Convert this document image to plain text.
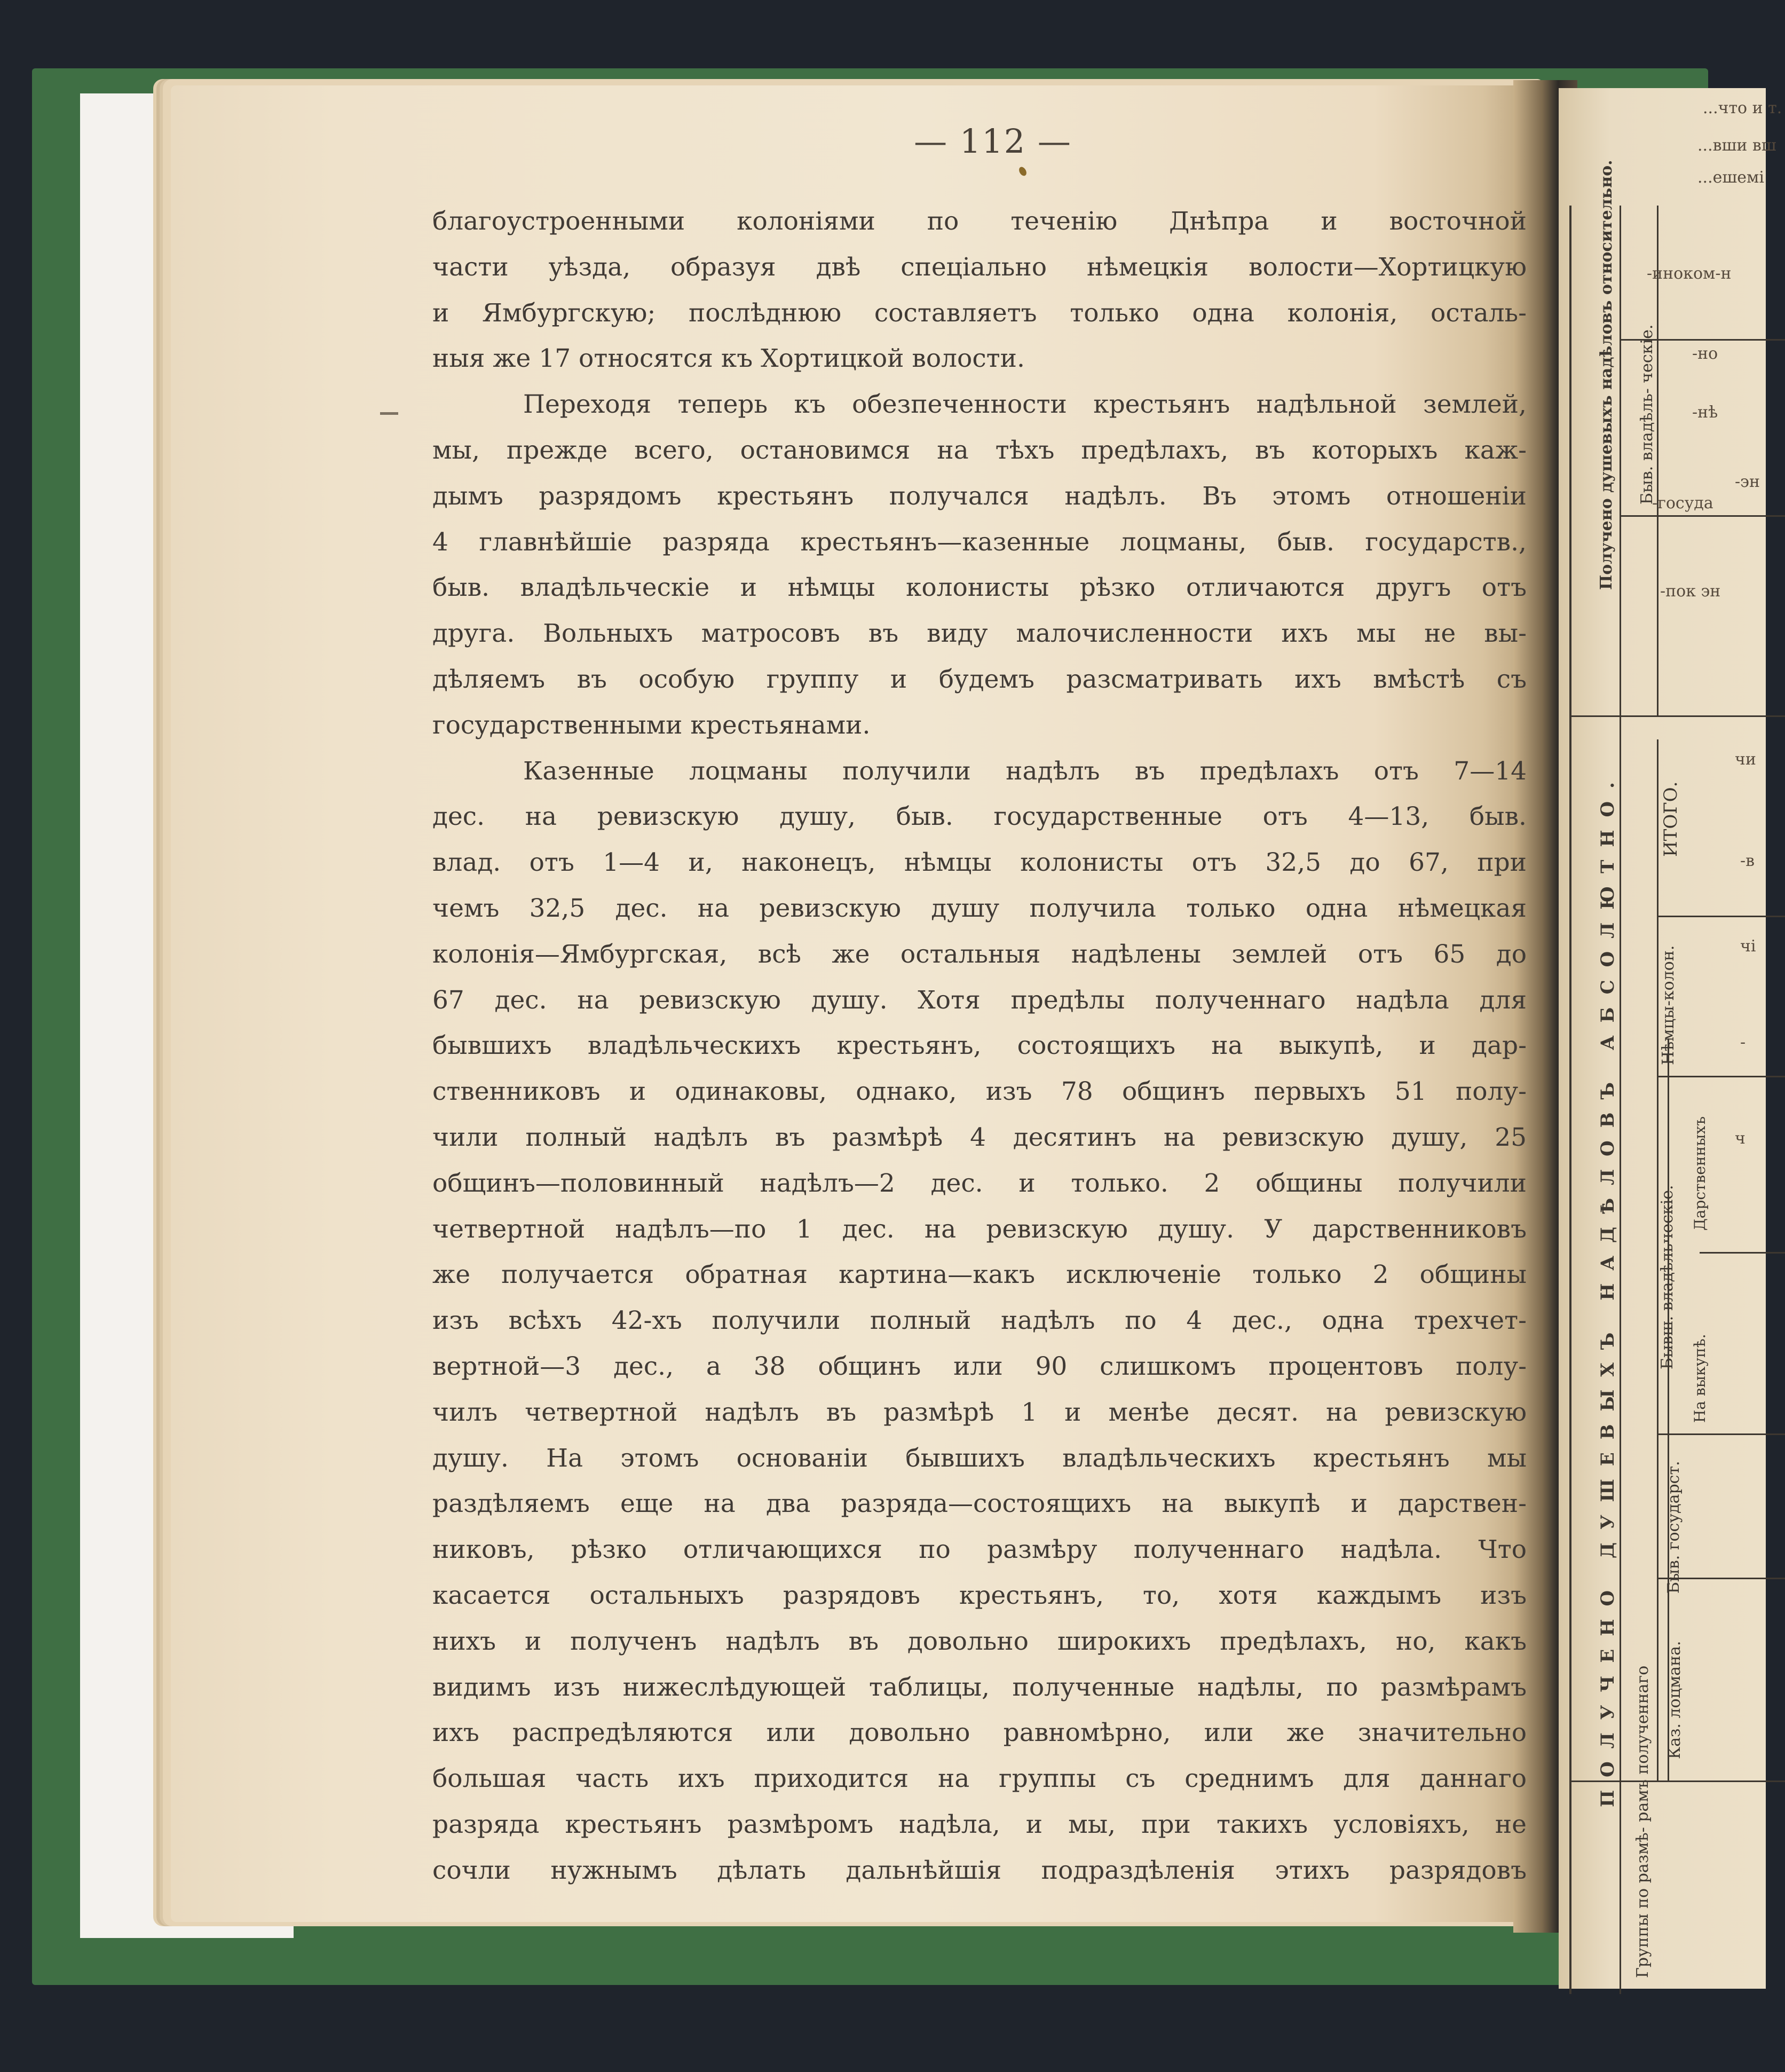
— 112 —
благоустроенными колоніями по теченію Днѣпра и восточной
части уѣзда, образуя двѣ спеціально нѣмецкія волости—Хортицкую
и Ямбургскую; послѣднюю составляетъ только одна колонія, осталь-
ныя же 17 относятся къ Хортицкой волости.
Переходя теперь къ обезпеченности крестьянъ надѣльной землей,
мы, прежде всего, остановимся на тѣхъ предѣлахъ, въ которыхъ каж-
дымъ разрядомъ крестьянъ получался надѣлъ. Въ этомъ отношеніи
4 главнѣйшіе разряда крестьянъ—казенные лоцманы, быв. государств.,
быв. владѣльческіе и нѣмцы колонисты рѣзко отличаются другъ отъ
друга. Вольныхъ матросовъ въ виду малочисленности ихъ мы не вы-
дѣляемъ въ особую группу и будемъ разсматривать ихъ вмѣстѣ съ
государственными крестьянами.
Казенные лоцманы получили надѣлъ въ предѣлахъ отъ 7—14
дес. на ревизскую душу, быв. государственные отъ 4—13, быв.
влад. отъ 1—4 и, наконецъ, нѣмцы колонисты отъ 32,5 до 67, при
чемъ 32,5 дес. на ревизскую душу получила только одна нѣмецкая
колонія—Ямбургская, всѣ же остальныя надѣлены землей отъ 65 до
67 дес. на ревизскую душу. Хотя предѣлы полученнаго надѣла для
бывшихъ владѣльческихъ крестьянъ, состоящихъ на выкупѣ, и дар-
ственниковъ и одинаковы, однако, изъ 78 общинъ первыхъ 51 полу-
чили полный надѣлъ въ размѣрѣ 4 десятинъ на ревизскую душу, 25
общинъ—половинный надѣлъ—2 дес. и только. 2 общины получили
четвертной надѣлъ—по 1 дес. на ревизскую душу. У дарственниковъ
же получается обратная картина—какъ исключеніе только 2 общины
изъ всѣхъ 42-хъ получили полный надѣлъ по 4 дес., одна трехчет-
вертной—3 дес., а 38 общинъ или 90 слишкомъ процентовъ полу-
чилъ четвертной надѣлъ въ размѣрѣ 1 и менѣе десят. на ревизскую
душу. На этомъ основаніи бывшихъ владѣльческихъ крестьянъ мы
раздѣляемъ еще на два разряда—состоящихъ на выкупѣ и дарствен-
никовъ, рѣзко отличающихся по размѣру полученнаго надѣла. Что
касается остальныхъ разрядовъ крестьянъ, то, хотя каждымъ изъ
нихъ и полученъ надѣлъ въ довольно широкихъ предѣлахъ, но, какъ
видимъ изъ нижеслѣдующей таблицы, полученные надѣлы, по размѣрамъ
ихъ распредѣляются или довольно равномѣрно, или же значительно
большая часть ихъ приходится на группы съ среднимъ для даннаго
разряда крестьянъ размѣромъ надѣла, и мы, при такихъ условіяхъ, не
сочли нужнымъ дѣлать дальнѣйшія подраздѣленія этихъ разрядовъ
...что и т.
...вши вш
...ешемі
Получено душевыхъ надѣловъ относительно. Быв. владѣль- ческіе.
ПОЛУЧЕНО ДУШЕВЫХЪ НАДѢЛОВЪ АБСОЛЮТНО. ИТОГО.
Нѣмцы-колон.
Дарственныхъ
Бывш. владѣльческіе.
На выкупѣ.
Быв. государст.
Каз. лоцмана.
Группы по размѣ- рамъ полученнаго
-иноком-н
-но
-нѣ
-эн
-госуда
-пок эн
чи
-в
чі
-
ч
